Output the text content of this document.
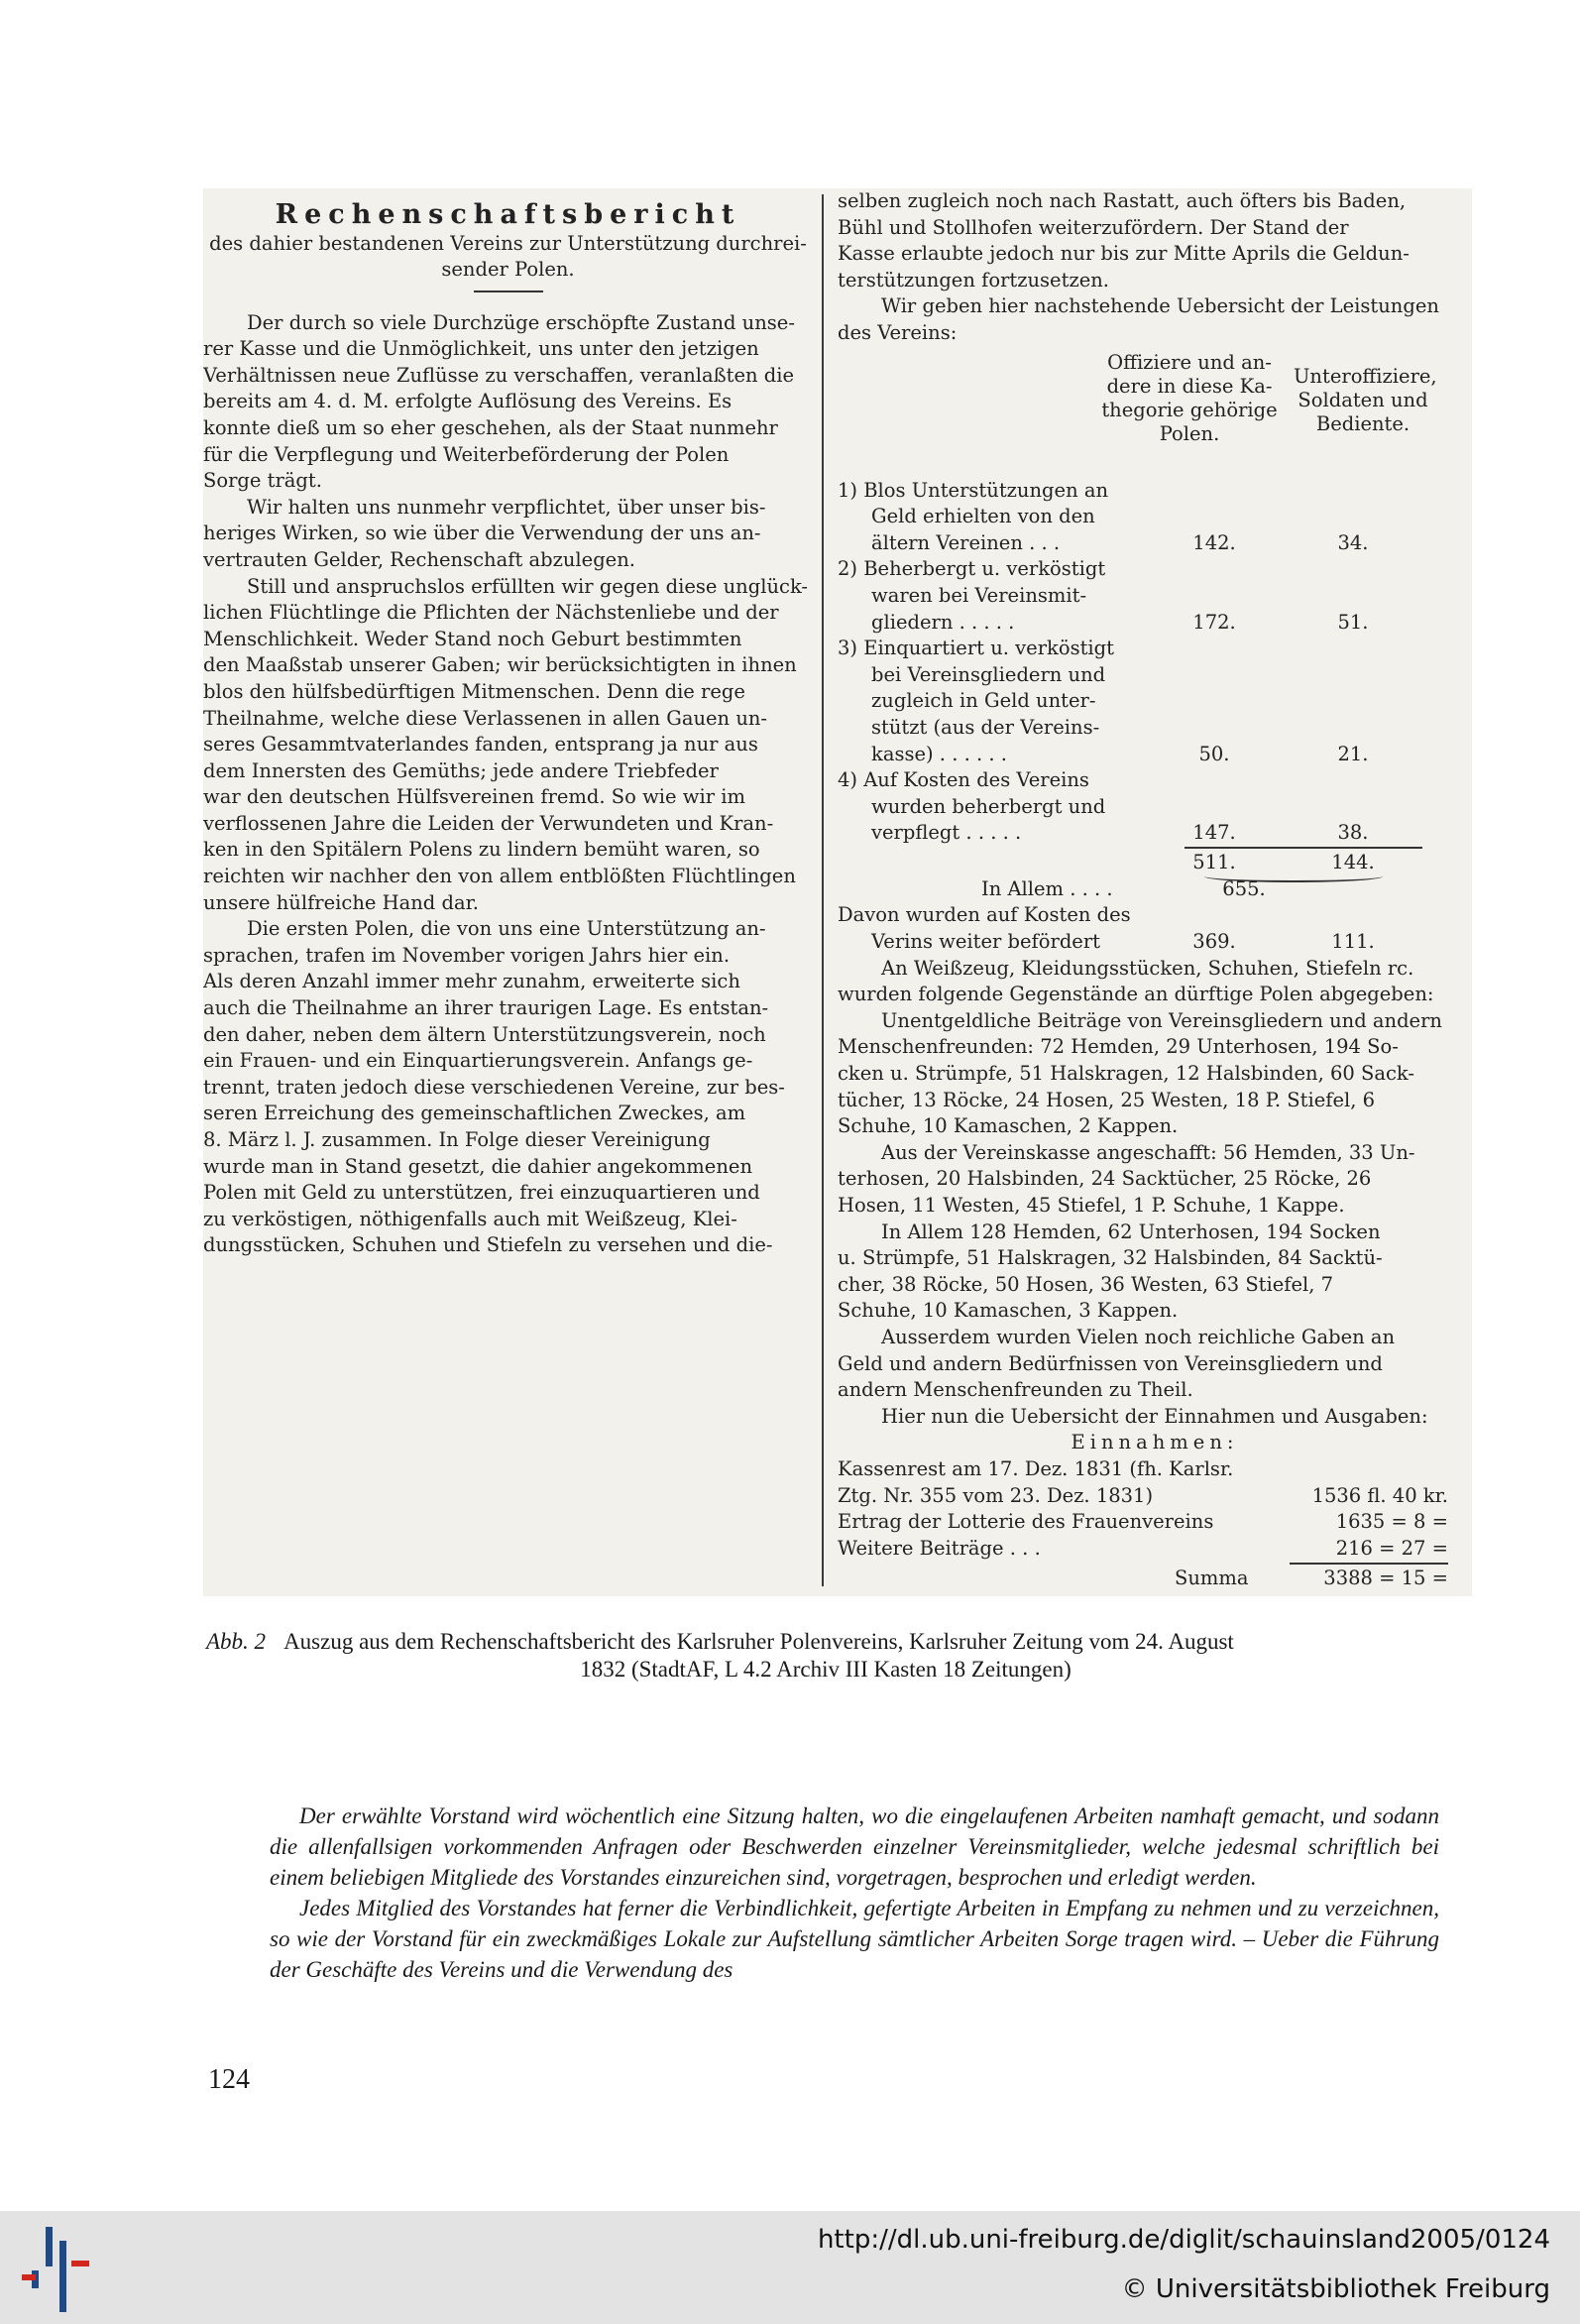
Rechenschaftsbericht
des dahier bestandenen Vereins zur Unterstützung durchrei-
sender Polen.
Der durch so viele Durchzüge erschöpfte Zustand unse-
rer Kasse und die Unmöglichkeit, uns unter den jetzigen
Verhältnissen neue Zuflüsse zu verschaffen, veranlaßten die
bereits am 4. d. M. erfolgte Auflösung des Vereins. Es
konnte dieß um so eher geschehen, als der Staat nunmehr
für die Verpflegung und Weiterbeförderung der Polen
Sorge trägt.
Wir halten uns nunmehr verpflichtet, über unser bis-
heriges Wirken, so wie über die Verwendung der uns an-
vertrauten Gelder, Rechenschaft abzulegen.
Still und anspruchslos erfüllten wir gegen diese unglück-
lichen Flüchtlinge die Pflichten der Nächstenliebe und der
Menschlichkeit. Weder Stand noch Geburt bestimmten
den Maaßstab unserer Gaben; wir berücksichtigten in ihnen
blos den hülfsbedürftigen Mitmenschen. Denn die rege
Theilnahme, welche diese Verlassenen in allen Gauen un-
seres Gesammtvaterlandes fanden, entsprang ja nur aus
dem Innersten des Gemüths; jede andere Triebfeder
war den deutschen Hülfsvereinen fremd. So wie wir im
verflossenen Jahre die Leiden der Verwundeten und Kran-
ken in den Spitälern Polens zu lindern bemüht waren, so
reichten wir nachher den von allem entblößten Flüchtlingen
unsere hülfreiche Hand dar.
Die ersten Polen, die von uns eine Unterstützung an-
sprachen, trafen im November vorigen Jahrs hier ein.
Als deren Anzahl immer mehr zunahm, erweiterte sich
auch die Theilnahme an ihrer traurigen Lage. Es entstan-
den daher, neben dem ältern Unterstützungsverein, noch
ein Frauen- und ein Einquartierungsverein. Anfangs ge-
trennt, traten jedoch diese verschiedenen Vereine, zur bes-
seren Erreichung des gemeinschaftlichen Zweckes, am
8. März l. J. zusammen. In Folge dieser Vereinigung
wurde man in Stand gesetzt, die dahier angekommenen
Polen mit Geld zu unterstützen, frei einzuquartieren und
zu verköstigen, nöthigenfalls auch mit Weißzeug, Klei-
dungsstücken, Schuhen und Stiefeln zu versehen und die-
selben zugleich noch nach Rastatt, auch öfters bis Baden,
Bühl und Stollhofen weiterzufördern. Der Stand der
Kasse erlaubte jedoch nur bis zur Mitte Aprils die Geldun-
terstützungen fortzusetzen.
Wir geben hier nachstehende Uebersicht der Leistungen
des Vereins:
Offiziere und an- dere in diese Ka- thegorie gehörige Polen.
Unteroffiziere, Soldaten und Bediente.
1) Blos Unterstützungen an
Geld erhielten von den
ältern Vereinen . . .	142.	34.
2) Beherbergt u. verköstigt
waren bei Vereinsmit-
gliedern . . . . .	172.	51.
3) Einquartiert u. verköstigt
bei Vereinsgliedern und
zugleich in Geld unter-
stützt (aus der Vereins-
kasse) . . . . . .	50.	21.
4) Auf Kosten des Vereins
wurden beherbergt und
verpflegt . . . . .	147.	38.
511.	144.
In Allem . . . .	655.
Davon wurden auf Kosten des
Verins weiter befördert	369.	111.
An Weißzeug, Kleidungsstücken, Schuhen, Stiefeln rc.
wurden folgende Gegenstände an dürftige Polen abgegeben:
Unentgeldliche Beiträge von Vereinsgliedern und andern
Menschenfreunden: 72 Hemden, 29 Unterhosen, 194 So-
cken u. Strümpfe, 51 Halskragen, 12 Halsbinden, 60 Sack-
tücher, 13 Röcke, 24 Hosen, 25 Westen, 18 P. Stiefel, 6
Schuhe, 10 Kamaschen, 2 Kappen.
Aus der Vereinskasse angeschafft: 56 Hemden, 33 Un-
terhosen, 20 Halsbinden, 24 Sacktücher, 25 Röcke, 26
Hosen, 11 Westen, 45 Stiefel, 1 P. Schuhe, 1 Kappe.
In Allem 128 Hemden, 62 Unterhosen, 194 Socken
u. Strümpfe, 51 Halskragen, 32 Halsbinden, 84 Sacktü-
cher, 38 Röcke, 50 Hosen, 36 Westen, 63 Stiefel, 7
Schuhe, 10 Kamaschen, 3 Kappen.
Ausserdem wurden Vielen noch reichliche Gaben an
Geld und andern Bedürfnissen von Vereinsgliedern und
andern Menschenfreunden zu Theil.
Hier nun die Uebersicht der Einnahmen und Ausgaben:
Einnahmen:
Kassenrest am 17. Dez. 1831 (fh. Karlsr.
Ztg. Nr. 355 vom 23. Dez. 1831)	1536 fl. 40 kr.
Ertrag der Lotterie des Frauenvereins	1635 = 8 =
Weitere Beiträge . . .	216 = 27 =
Summa	3388 = 15 =
Abb. 2 Auszug aus dem Rechenschaftsbericht des Karlsruher Polenvereins, Karlsruher Zeitung vom 24. August
1832 (StadtAF, L 4.2 Archiv III Kasten 18 Zeitungen)

Der erwählte Vorstand wird wöchentlich eine Sitzung halten, wo die eingelaufenen Arbeiten namhaft gemacht, und sodann die allenfallsigen vorkommenden Anfragen oder Beschwerden einzelner Vereinsmitglieder, welche jedesmal schriftlich bei einem beliebigen Mitgliede des Vorstandes einzureichen sind, vorgetragen, besprochen und erledigt werden.

Jedes Mitglied des Vorstandes hat ferner die Verbindlichkeit, gefertigte Arbeiten in Empfang zu nehmen und zu verzeichnen, so wie der Vorstand für ein zweckmäßiges Lokale zur Aufstellung sämtlicher Arbeiten Sorge tragen wird. – Ueber die Führung der Geschäfte des Vereins und die Verwendung des

124
http://dl.ub.uni-freiburg.de/diglit/schauinsland2005/0124
© Universitätsbibliothek Freiburg
